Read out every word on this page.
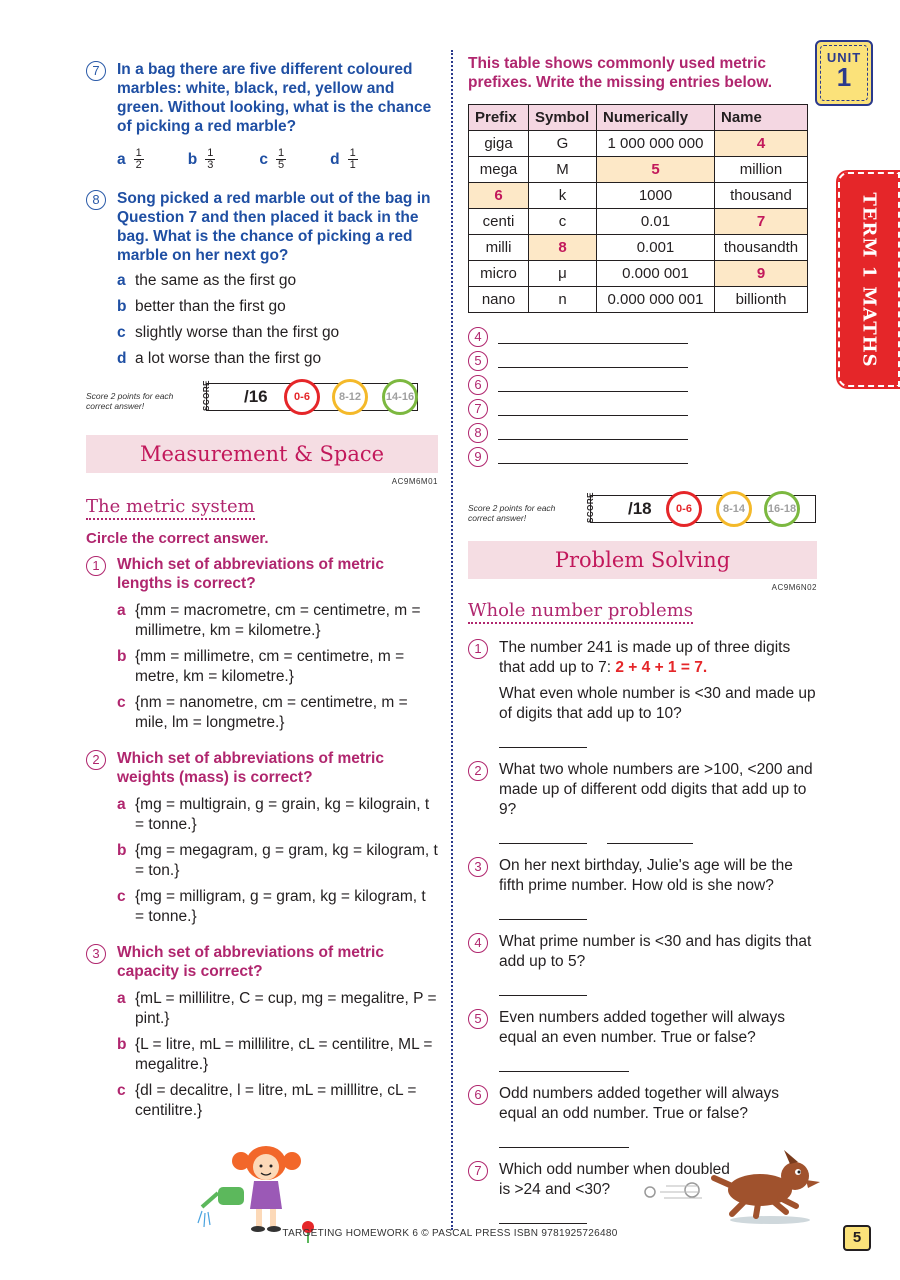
UNIT
1
TERM 1 MATHS
7	In a bag there are five different coloured marbles: white, black, red, yellow and green. Without looking, what is the chance of picking a red marble?
a $\frac{1}{2}$	b $\frac{1}{3}$	c $\frac{1}{5}$	d $\frac{1}{1}$
8	Song picked a red marble out of the bag in Question 7 and then placed it back in the bag. What is the chance of picking a red marble on her next go?
a the same as the first go
b better than the first go
c slightly worse than the first go
d a lot worse than the first go
Score 2 points for each correct answer!	SCORE /16	0-6	8-12	14-16
Measurement & Space
AC9M6M01
The metric system
Circle the correct answer.
1	Which set of abbreviations of metric lengths is correct?
a {mm = macrometre, cm = centimetre, m = millimetre, km = kilometre.}
b {mm = millimetre, cm = centimetre, m = metre, km = kilometre.}
c {nm = nanometre, cm = centimetre, m = mile, lm = longmetre.}
2	Which set of abbreviations of metric weights (mass) is correct?
a {mg = multigrain, g = grain, kg = kilograin, t = tonne.}
b {mg = megagram, g = gram, kg = kilogram, t = ton.}
c {mg = milligram, g = gram, kg = kilogram, t = tonne.}
3	Which set of abbreviations of metric capacity is correct?
a {mL = millilitre, C = cup, mg = megalitre, P = pint.}
b {L = litre, mL = millilitre, cL = centilitre, ML = megalitre.}
c {dl = decalitre, l = litre, mL = milllitre, cL = centilitre.}
This table shows commonly used metric prefixes. Write the missing entries below.
Prefix	Symbol	Numerically	Name
giga	G	1 000 000 000	4
mega	M	5	million
6	k	1000	thousand
centi	c	0.01	7
milli	8	0.001	thousandth
micro	μ	0.000 001	9
nano	n	0.000 000 001	billionth
4
5
6
7
8
9
Score 2 points for each correct answer!	SCORE /18	0-6	8-14	16-18
Problem Solving
AC9M6N02
Whole number problems
1	The number 241 is made up of three digits that add up to 7: 2 + 4 + 1 = 7.
What even whole number is <30 and made up of digits that add up to 10?
2	What two whole numbers are >100, <200 and made up of different odd digits that add up to 9?
3	On her next birthday, Julie's age will be the fifth prime number. How old is she now?
4	What prime number is <30 and has digits that add up to 5?
5	Even numbers added together will always equal an even number. True or false?
6	Odd numbers added together will always equal an odd number. True or false?
7	Which odd number when doubled is >24 and <30?
TARGETING HOMEWORK 6 © PASCAL PRESS ISBN 9781925726480	5
